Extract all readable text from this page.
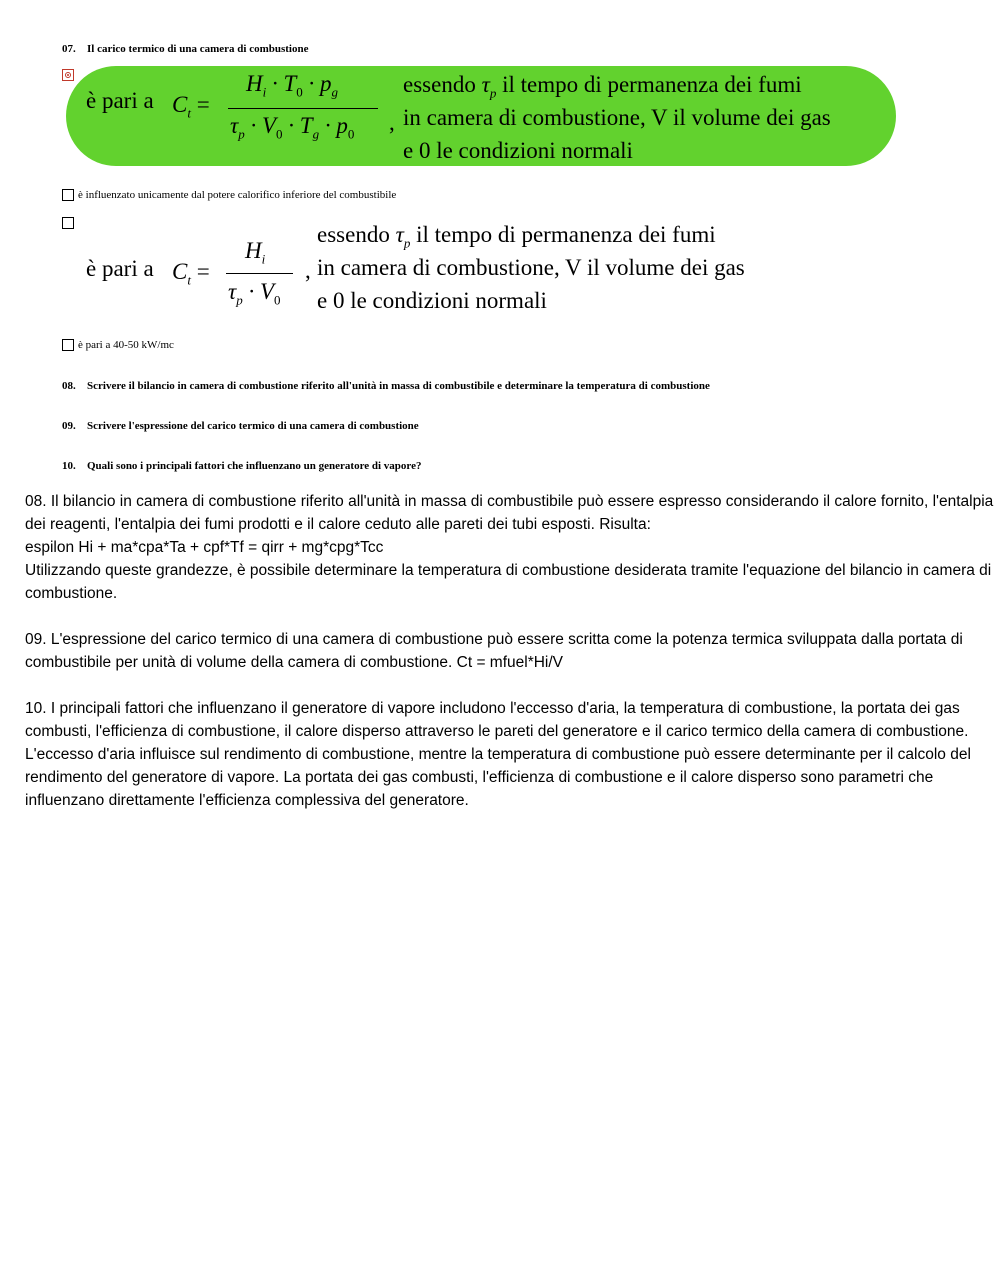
07. Il carico termico di una camera di combustione
è pari a $C_t$ =
$H_i \cdot T_0 \cdot p_g$
$\tau_p \cdot V_0 \cdot T_g \cdot p_0$ ,
essendo $\tau_p$ il tempo di permanenza dei fumi
in camera di combustione, V il volume dei gas
e 0 le condizioni normali
è influenzato unicamente dal potere calorifico inferiore del combustibile
è pari a $C_t$ =
$H_i$
$\tau_p \cdot V_0$
,
essendo $\tau_p$ il tempo di permanenza dei fumi
in camera di combustione, V il volume dei gas
e 0 le condizioni normali
è pari a 40-50 kW/mc
08. Scrivere il bilancio in camera di combustione riferito all'unità in massa di combustibile e determinare la temperatura di combustione
09. Scrivere l'espressione del carico termico di una camera di combustione
10. Quali sono i principali fattori che influenzano un generatore di vapore?

08. Il bilancio in camera di combustione riferito all'unità in massa di combustibile può essere espresso considerando il calore fornito, l'entalpia dei reagenti, l'entalpia dei fumi prodotti e il calore ceduto alle pareti dei tubi esposti. Risulta:

espilon Hi + ma*cpa*Ta + cpf*Tf = qirr + mg*cpg*Tcc

Utilizzando queste grandezze, è possibile determinare la temperatura di combustione desiderata tramite l'equazione del bilancio in camera di combustione.

09. L'espressione del carico termico di una camera di combustione può essere scritta come la potenza termica sviluppata dalla portata di combustibile per unità di volume della camera di combustione. Ct = mfuel*Hi/V

10. I principali fattori che influenzano il generatore di vapore includono l'eccesso d'aria, la temperatura di combustione, la portata dei gas combusti, l'efficienza di combustione, il calore disperso attraverso le pareti del generatore e il carico termico della camera di combustione. L'eccesso d'aria influisce sul rendimento di combustione, mentre la temperatura di combustione può essere determinante per il calcolo del rendimento del generatore di vapore. La portata dei gas combusti, l'efficienza di combustione e il calore disperso sono parametri che influenzano direttamente l'efficienza complessiva del generatore.
